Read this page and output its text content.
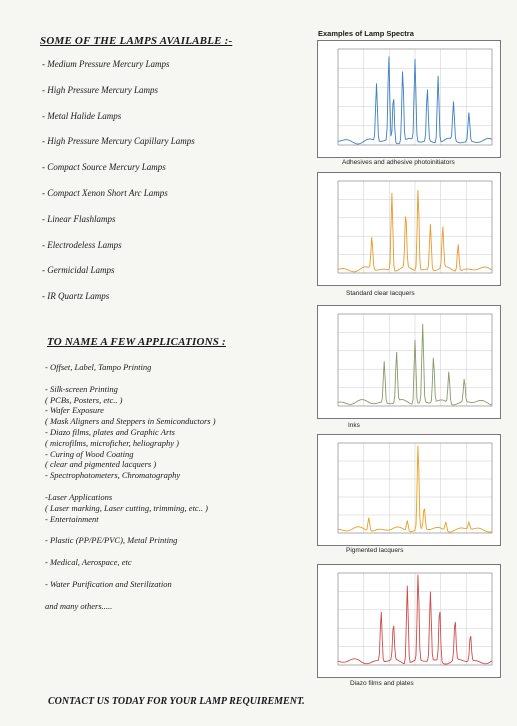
SOME OF THE LAMPS AVAILABLE :-
- Medium Pressure Mercury Lamps
- High Pressure Mercury Lamps
- Metal Halide Lamps
- High Pressure Mercury Capillary Lamps
- Compact Source Mercury Lamps
- Compact Xenon Short Arc Lamps
- Linear Flashlamps
- Electrodeless Lamps
- Germicidal Lamps
- IR Quartz Lamps
TO NAME A FEW APPLICATIONS :
- Offset, Label, Tampo Printing
- Silk-screen Printing
( PCBs, Posters, etc.. )
- Wafer Exposure
( Mask Aligners and Steppers in Semiconductors )
- Diazo films, plates and Graphic Arts
( microfilms, microficher, heliography )
- Curing of Wood Coating
( clear and pigmented lacquers )
- Spectrophotometers, Chromatography
-Laser Applications
( Laser marking, Laser cutting, trimming, etc.. )
- Entertainment
- Plastic (PP/PE/PVC), Metal Printing
- Medical, Aerospace, etc
- Water Purification and Sterilization
and many others.....
CONTACT US TODAY FOR YOUR LAMP REQUIREMENT.
Examples of Lamp Spectra
Adhesives and adhesive photoinitiators
Standard clear lacquers
Inks
Pigmented lacquers
Diazo films and plates
